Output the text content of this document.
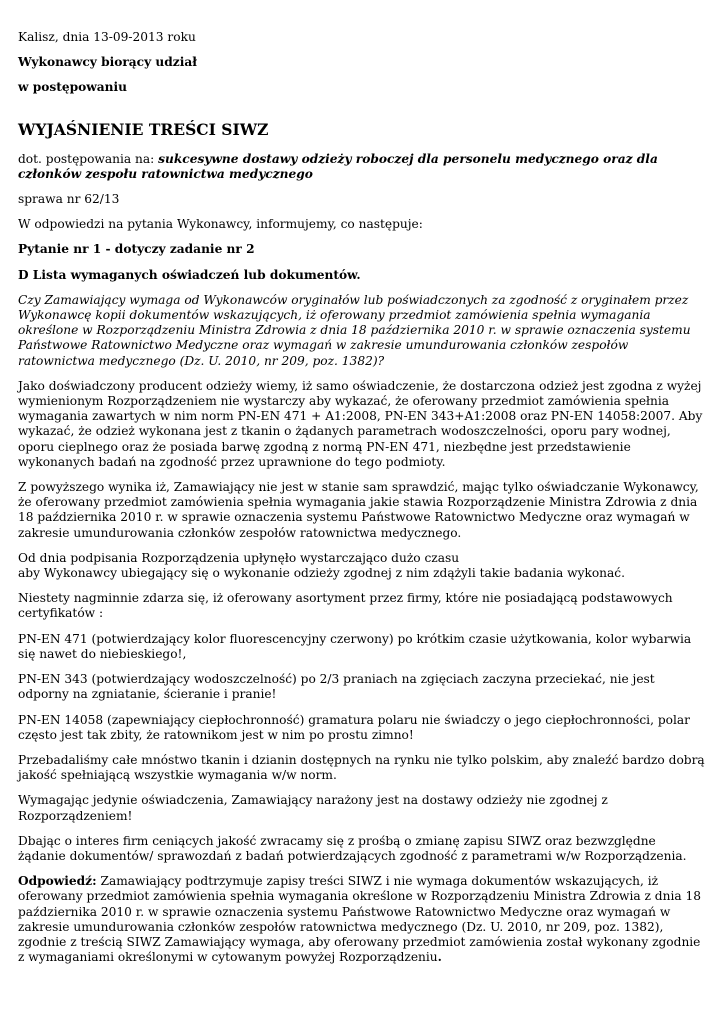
Kalisz, dnia 13-09-2013 roku

Wykonawcy biorący udział

w postępowaniu

WYJAŚNIENIE TREŚCI SIWZ

dot. postępowania na: sukcesywne dostawy odzieży roboczej dla personelu medycznego oraz dla członków zespołu ratownictwa medycznego

sprawa nr 62/13

W odpowiedzi na pytania Wykonawcy, informujemy, co następuje:

Pytanie nr 1 - dotyczy zadanie nr 2

D Lista wymaganych oświadczeń lub dokumentów.

Czy Zamawiający wymaga od Wykonawców oryginałów lub poświadczonych za zgodność z oryginałem przez Wykonawcę kopii dokumentów wskazujących, iż oferowany przedmiot zamówienia spełnia wymagania określone w Rozporządzeniu Ministra Zdrowia z dnia 18 października 2010 r. w sprawie oznaczenia systemu Państwowe Ratownictwo Medyczne oraz wymagań w zakresie umundurowania członków zespołów ratownictwa medycznego (Dz. U. 2010, nr 209, poz. 1382)?

Jako doświadczony producent odzieży wiemy, iż samo oświadczenie, że dostarczona odzież jest zgodna z wyżej wymienionym Rozporządzeniem nie wystarczy aby wykazać, że oferowany przedmiot zamówienia spełnia wymagania zawartych w nim norm PN-EN 471 + A1:2008, PN-EN 343+A1:2008 oraz PN-EN 14058:2007. Aby wykazać, że odzież wykonana jest z tkanin o żądanych parametrach wodoszczelności, oporu pary wodnej, oporu cieplnego oraz że posiada barwę zgodną z normą PN-EN 471, niezbędne jest przedstawienie wykonanych badań na zgodność przez uprawnione do tego podmioty.

Z powyższego wynika iż, Zamawiający nie jest w stanie sam sprawdzić, mając tylko oświadczanie Wykonawcy, że oferowany przedmiot zamówienia spełnia wymagania jakie stawia Rozporządzenie Ministra Zdrowia z dnia 18 października 2010 r. w sprawie oznaczenia systemu Państwowe Ratownictwo Medyczne oraz wymagań w zakresie umundurowania członków zespołów ratownictwa medycznego.

Od dnia podpisania Rozporządzenia upłynęło wystarczająco dużo czasu
aby Wykonawcy ubiegający się o wykonanie odzieży zgodnej z nim zdążyli takie badania wykonać.

Niestety nagminnie zdarza się, iż oferowany asortyment przez firmy, które nie posiadającą podstawowych certyfikatów :

PN-EN 471 (potwierdzający kolor fluorescencyjny czerwony) po krótkim czasie użytkowania, kolor wybarwia się nawet do niebieskiego!,

PN-EN 343 (potwierdzający wodoszczelność) po 2/3 praniach na zgięciach zaczyna przeciekać, nie jest odporny na zgniatanie, ścieranie i pranie!

PN-EN 14058 (zapewniający ciepłochronność) gramatura polaru nie świadczy o jego ciepłochronności, polar często jest tak zbity, że ratownikom jest w nim po prostu zimno!

Przebadaliśmy całe mnóstwo tkanin i dzianin dostępnych na rynku nie tylko polskim, aby znaleźć bardzo dobrą jakość spełniającą wszystkie wymagania w/w norm.

Wymagając jedynie oświadczenia, Zamawiający narażony jest na dostawy odzieży nie zgodnej z Rozporządzeniem!

Dbając o interes firm ceniących jakość zwracamy się z prośbą o zmianę zapisu SIWZ oraz bezwzględne żądanie dokumentów/ sprawozdań z badań potwierdzających zgodność z parametrami w/w Rozporządzenia.

Odpowiedź: Zamawiający podtrzymuje zapisy treści SIWZ i nie wymaga dokumentów wskazujących, iż oferowany przedmiot zamówienia spełnia wymagania określone w Rozporządzeniu Ministra Zdrowia z dnia 18 października 2010 r. w sprawie oznaczenia systemu Państwowe Ratownictwo Medyczne oraz wymagań w zakresie umundurowania członków zespołów ratownictwa medycznego (Dz. U. 2010, nr 209, poz. 1382), zgodnie z treścią SIWZ Zamawiający wymaga, aby oferowany przedmiot zamówienia został wykonany zgodnie z wymaganiami określonymi w cytowanym powyżej Rozporządzeniu.
